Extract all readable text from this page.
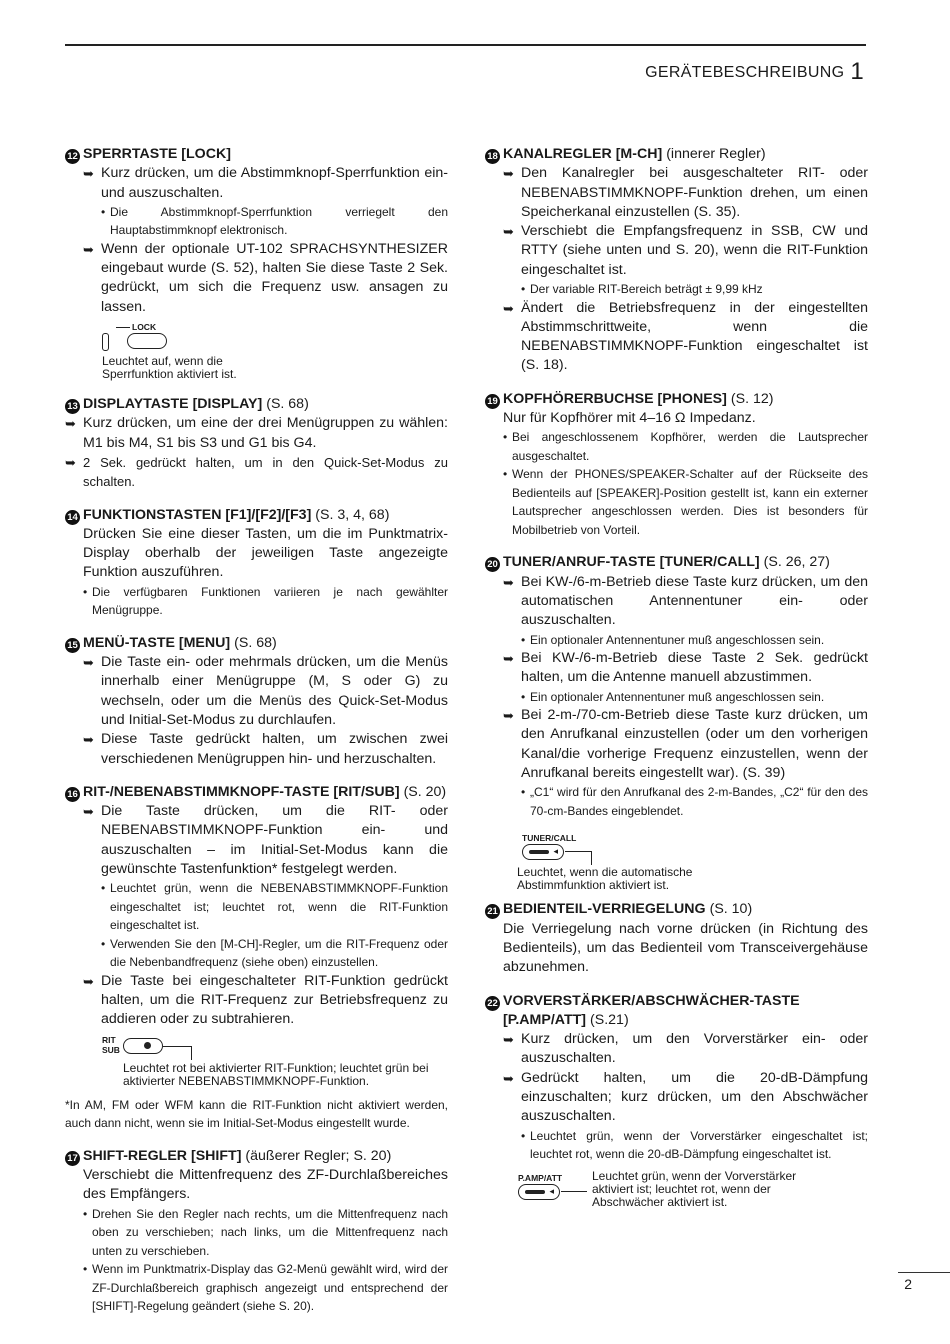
GERÄTEBESCHREIBUNG 1
12 SPERRTASTE [LOCK]
➥ Kurz drücken, um die Abstimmknopf-Sperrfunktion ein- und auszuschalten.
• Die Abstimmknopf-Sperrfunktion verriegelt den Hauptabstimmknopf elektronisch.
➥ Wenn der optionale UT-102 SPRACHSYNTHESIZER eingebaut wurde (S. 52), halten Sie diese Taste 2 Sek. gedrückt, um sich die Frequenz usw. ansagen zu lassen.
LOCK
Leuchtet auf, wenn die Sperrfunktion aktiviert ist.
13 DISPLAYTASTE [DISPLAY] (S. 68)
➥ Kurz drücken, um eine der drei Menügruppen zu wählen: M1 bis M4, S1 bis S3 und G1 bis G4.
➥ 2 Sek. gedrückt halten, um in den Quick-Set-Modus zu schalten.
14 FUNKTIONSTASTEN [F1]/[F2]/[F3] (S. 3, 4, 68)
Drücken Sie eine dieser Tasten, um die im Punktmatrix-Display oberhalb der jeweiligen Taste angezeigte Funktion auszuführen.
• Die verfügbaren Funktionen variieren je nach gewählter Menügruppe.
15 MENÜ-TASTE [MENU] (S. 68)
➥ Die Taste ein- oder mehrmals drücken, um die Menüs innerhalb einer Menügruppe (M, S oder G) zu wechseln, oder um die Menüs des Quick-Set-Modus und Initial-Set-Modus zu durchlaufen.
➥ Diese Taste gedrückt halten, um zwischen zwei verschiedenen Menügruppen hin- und herzuschalten.
16 RIT-/NEBENABSTIMMKNOPF-TASTE [RIT/SUB] (S. 20)
➥ Die Taste drücken, um die RIT- oder NEBENABSTIMMKNOPF-Funktion ein- und auszuschalten – im Initial-Set-Modus kann die gewünschte Tastenfunktion* festgelegt werden.
• Leuchtet grün, wenn die NEBENABSTIMMKNOPF-Funktion eingeschaltet ist; leuchtet rot, wenn die RIT-Funktion eingeschaltet ist.
• Verwenden Sie den [M-CH]-Regler, um die RIT-Frequenz oder die Nebenbandfrequenz (siehe oben) einzustellen.
➥ Die Taste bei eingeschalteter RIT-Funktion gedrückt halten, um die RIT-Frequenz zur Betriebsfrequenz zu addieren oder zu subtrahieren.
RIT
SUB
Leuchtet rot bei aktivierter RIT-Funktion; leuchtet grün bei aktivierter NEBENABSTIMMKNOPF-Funktion.
*In AM, FM oder WFM kann die RIT-Funktion nicht aktiviert werden, auch dann nicht, wenn sie im Initial-Set-Modus eingestellt wurde.
17 SHIFT-REGLER [SHIFT] (äußerer Regler; S. 20)
Verschiebt die Mittenfrequenz des ZF-Durchlaßbereiches des Empfängers.
• Drehen Sie den Regler nach rechts, um die Mittenfrequenz nach oben zu verschieben; nach links, um die Mittenfrequenz nach unten zu verschieben.
• Wenn im Punktmatrix-Display das G2-Menü gewählt wird, wird der ZF-Durchlaßbereich graphisch angezeigt und entsprechend der [SHIFT]-Regelung geändert (siehe S. 20).
18 KANALREGLER [M-CH] (innerer Regler)
➥ Den Kanalregler bei ausgeschalteter RIT- oder NEBENABSTIMMKNOPF-Funktion drehen, um einen Speicherkanal einzustellen (S. 35).
➥ Verschiebt die Empfangsfrequenz in SSB, CW und RTTY (siehe unten und S. 20), wenn die RIT-Funktion eingeschaltet ist.
• Der variable RIT-Bereich beträgt ± 9,99 kHz
➥ Ändert die Betriebsfrequenz in der eingestellten Abstimmschrittweite, wenn die NEBENABSTIMMKNOPF-Funktion eingeschaltet ist (S. 18).
19 KOPFHÖRERBUCHSE [PHONES] (S. 12)
Nur für Kopfhörer mit 4–16 Ω Impedanz.
• Bei angeschlossenem Kopfhörer, werden die Lautsprecher ausgeschaltet.
• Wenn der PHONES/SPEAKER-Schalter auf der Rückseite des Bedienteils auf [SPEAKER]-Position gestellt ist, kann ein externer Lautsprecher angeschlossen werden. Dies ist besonders für Mobilbetrieb von Vorteil.
20 TUNER/ANRUF-TASTE [TUNER/CALL] (S. 26, 27)
➥ Bei KW-/6-m-Betrieb diese Taste kurz drücken, um den automatischen Antennentuner ein- oder auszuschalten.
• Ein optionaler Antennentuner muß angeschlossen sein.
➥ Bei KW-/6-m-Betrieb diese Taste 2 Sek. gedrückt halten, um die Antenne manuell abzustimmen.
• Ein optionaler Antennentuner muß angeschlossen sein.
➥ Bei 2-m-/70-cm-Betrieb diese Taste kurz drücken, um den Anrufkanal einzustellen (oder um den vorherigen Kanal/die vorherige Frequenz einzustellen, wenn der Anrufkanal bereits eingestellt war). (S. 39)
• „C1“ wird für den Anrufkanal des 2-m-Bandes, „C2“ für den des 70-cm-Bandes eingeblendet.
TUNER/CALL
◂
Leuchtet, wenn die automatische Abstimmfunktion aktiviert ist.
21 BEDIENTEIL-VERRIEGELUNG (S. 10)
Die Verriegelung nach vorne drücken (in Richtung des Bedienteils), um das Bedienteil vom Transceivergehäuse abzunehmen.
22 VORVERSTÄRKER/ABSCHWÄCHER-TASTE
[P.AMP/ATT] (S.21)
➥ Kurz drücken, um den Vorverstärker ein- oder auszuschalten.
➥ Gedrückt halten, um die 20-dB-Dämpfung einzuschalten; kurz drücken, um den Abschwächer auszuschalten.
• Leuchtet grün, wenn der Vorverstärker eingeschaltet ist; leuchtet rot, wenn die 20-dB-Dämpfung eingeschaltet ist.
P.AMP/ATT
◂
Leuchtet grün, wenn der Vorverstärker aktiviert ist; leuchtet rot, wenn der Abschwächer aktiviert ist.
2
